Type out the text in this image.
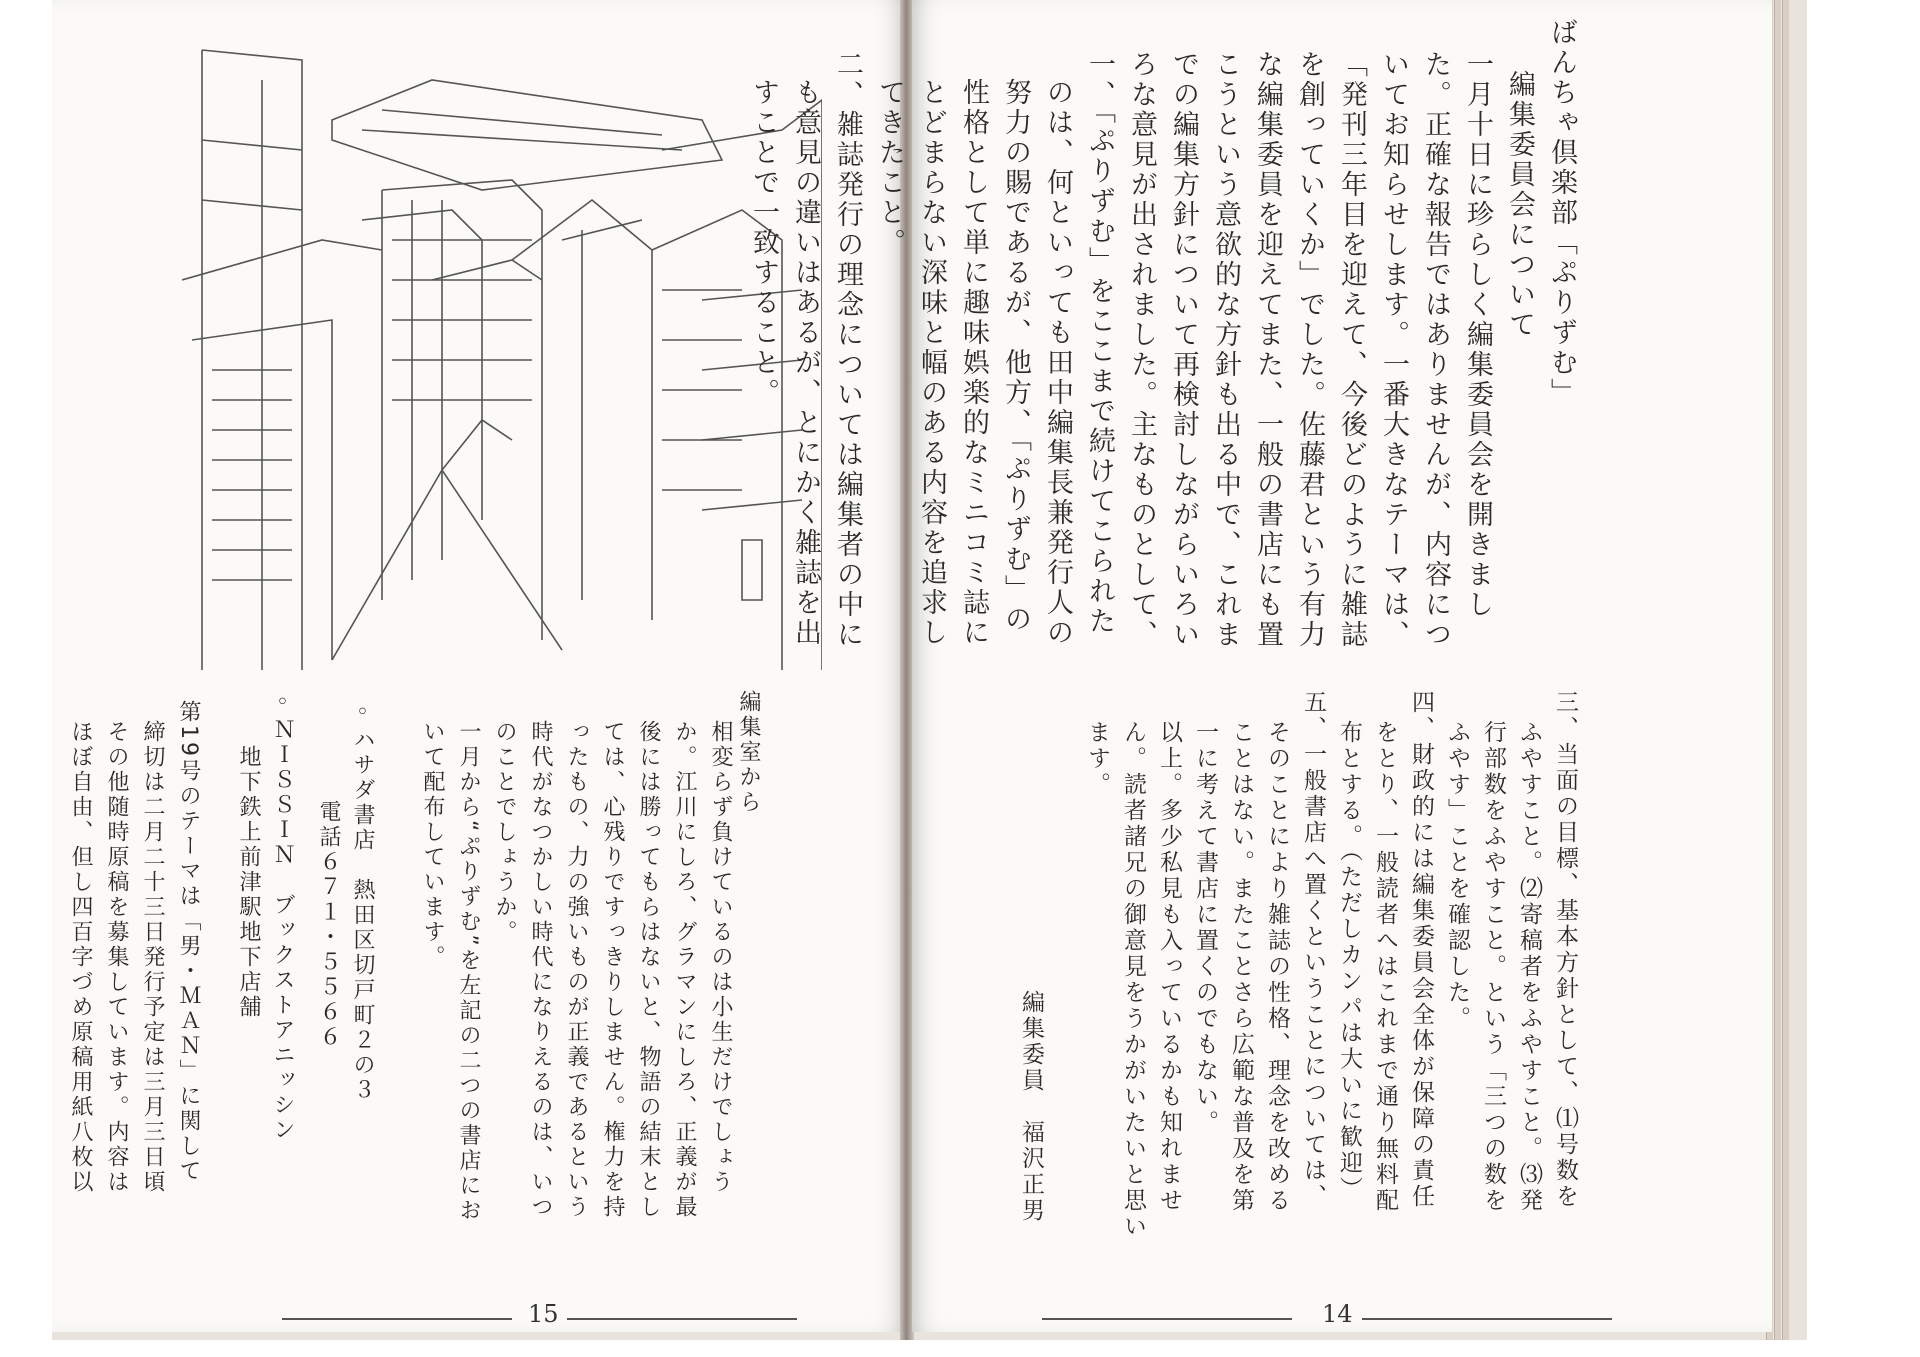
編集室から
相変らず負けているのは小生だけでしょう
か。江川にしろ、グラマンにしろ、正義が最
後には勝ってもらはないと、物語の結末とし
ては、心残りですっきりしません。権力を持
ったもの、力の強いものが正義であるという
時代がなつかしい時代になりえるのは、いつ
のことでしょうか。
一月から“ぷりずむ”を左記の二つの書店にお
いて配布しています。
◦ハサダ書店　熱田区切戸町２の３
電話６７１・５５６６
◦ＮＩＳＳＩＮ　ブックストアニッシン
地下鉄上前津駅地下店舗
第19号のテーマは「男・ＭＡＮ」に関して
締切は二月二十三日発行予定は三月三日頃
その他随時原稿を募集しています。内容は
ほぼ自由、但し四百字づめ原稿用紙八枚以
15
ばんちゃ倶楽部「ぷりずむ」
編集委員会について
一月十日に珍らしく編集委員会を開きまし
た。正確な報告ではありませんが、内容につ
いてお知らせします。一番大きなテーマは、
「発刊三年目を迎えて、今後どのように雑誌
を創っていくか」でした。佐藤君という有力
な編集委員を迎えてまた、一般の書店にも置
こうという意欲的な方針も出る中で、これま
での編集方針について再検討しながらいろい
ろな意見が出されました。主なものとして、
一、「ぷりずむ」をここまで続けてこられた
のは、何といっても田中編集長兼発行人の
努力の賜であるが、他方、「ぷりずむ」の
性格として単に趣味娯楽的なミニコミ誌に
とどまらない深味と幅のある内容を追求し
てきたこと。
二、雑誌発行の理念については編集者の中に
も意見の違いはあるが、とにかく雑誌を出
すことで一致すること。
三、当面の目標、基本方針として、⑴号数を
ふやすこと。⑵寄稿者をふやすこと。⑶発
行部数をふやすこと。という「三つの数を
ふやす」ことを確認した。
四、財政的には編集委員会全体が保障の責任
をとり、一般読者へはこれまで通り無料配
布とする。（ただしカンパは大いに歓迎）
五、一般書店へ置くということについては、
そのことにより雑誌の性格、理念を改める
ことはない。またことさら広範な普及を第
一に考えて書店に置くのでもない。
以上。多少私見も入っているかも知れませ
ん。読者諸兄の御意見をうかがいたいと思い
ます。
編集委員　福沢正男
14
